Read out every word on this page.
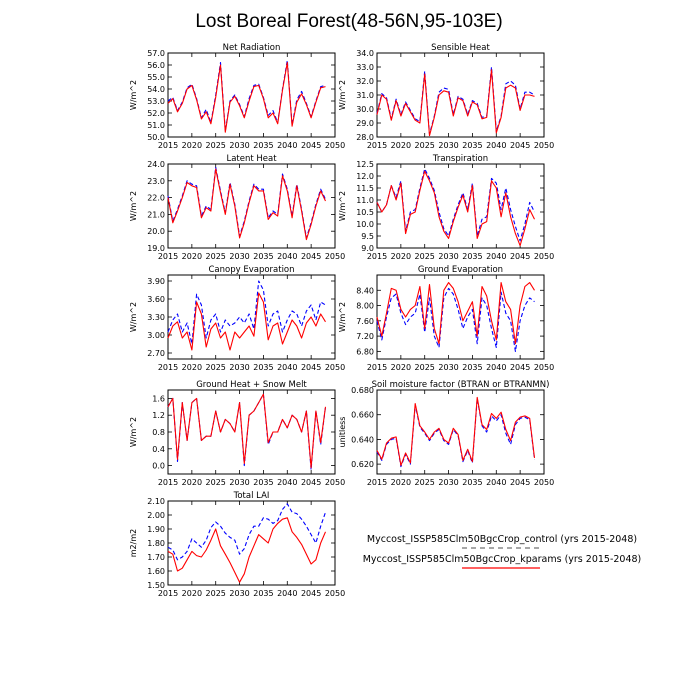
Lost Boreal Forest(48-56N,95-103E)
Net Radiation
W/m^2
2015 2020 2025 2030 2035 2040 2045 2050
50.0
51.0
52.0
53.0
54.0
55.0
56.0
57.0
Sensible Heat
W/m^2
2015 2020 2025 2030 2035 2040 2045 2050
28.0
29.0
30.0
31.0
32.0
33.0
34.0
Latent Heat
W/m^2
2015 2020 2025 2030 2035 2040 2045 2050
19.0
20.0
21.0
22.0
23.0
24.0
Transpiration
W/m^2
2015 2020 2025 2030 2035 2040 2045 2050
9.0
9.5
10.0
10.5
11.0
11.5
12.0
12.5
Canopy Evaporation
W/m^2
2015 2020 2025 2030 2035 2040 2045 2050
2.70
3.00
3.30
3.60
3.90
Ground Evaporation
W/m^2
2015 2020 2025 2030 2035 2040 2045 2050
6.80
7.20
7.60
8.00
8.40
Ground Heat + Snow Melt
W/m^2
2015 2020 2025 2030 2035 2040 2045 2050
0.0
0.4
0.8
1.2
1.6
Soil moisture factor (BTRAN or BTRANMN)
unitless
2015 2020 2025 2030 2035 2040 2045 2050
0.620
0.640
0.660
0.680
Total LAI
m2/m2
2015 2020 2025 2030 2035 2040 2045 2050
1.50
1.60
1.70
1.80
1.90
2.00
2.10
Myccost_ISSP585Clm50BgcCrop_control (yrs 2015-2048)
Myccost_ISSP585Clm50BgcCrop_kparams (yrs 2015-2048)
